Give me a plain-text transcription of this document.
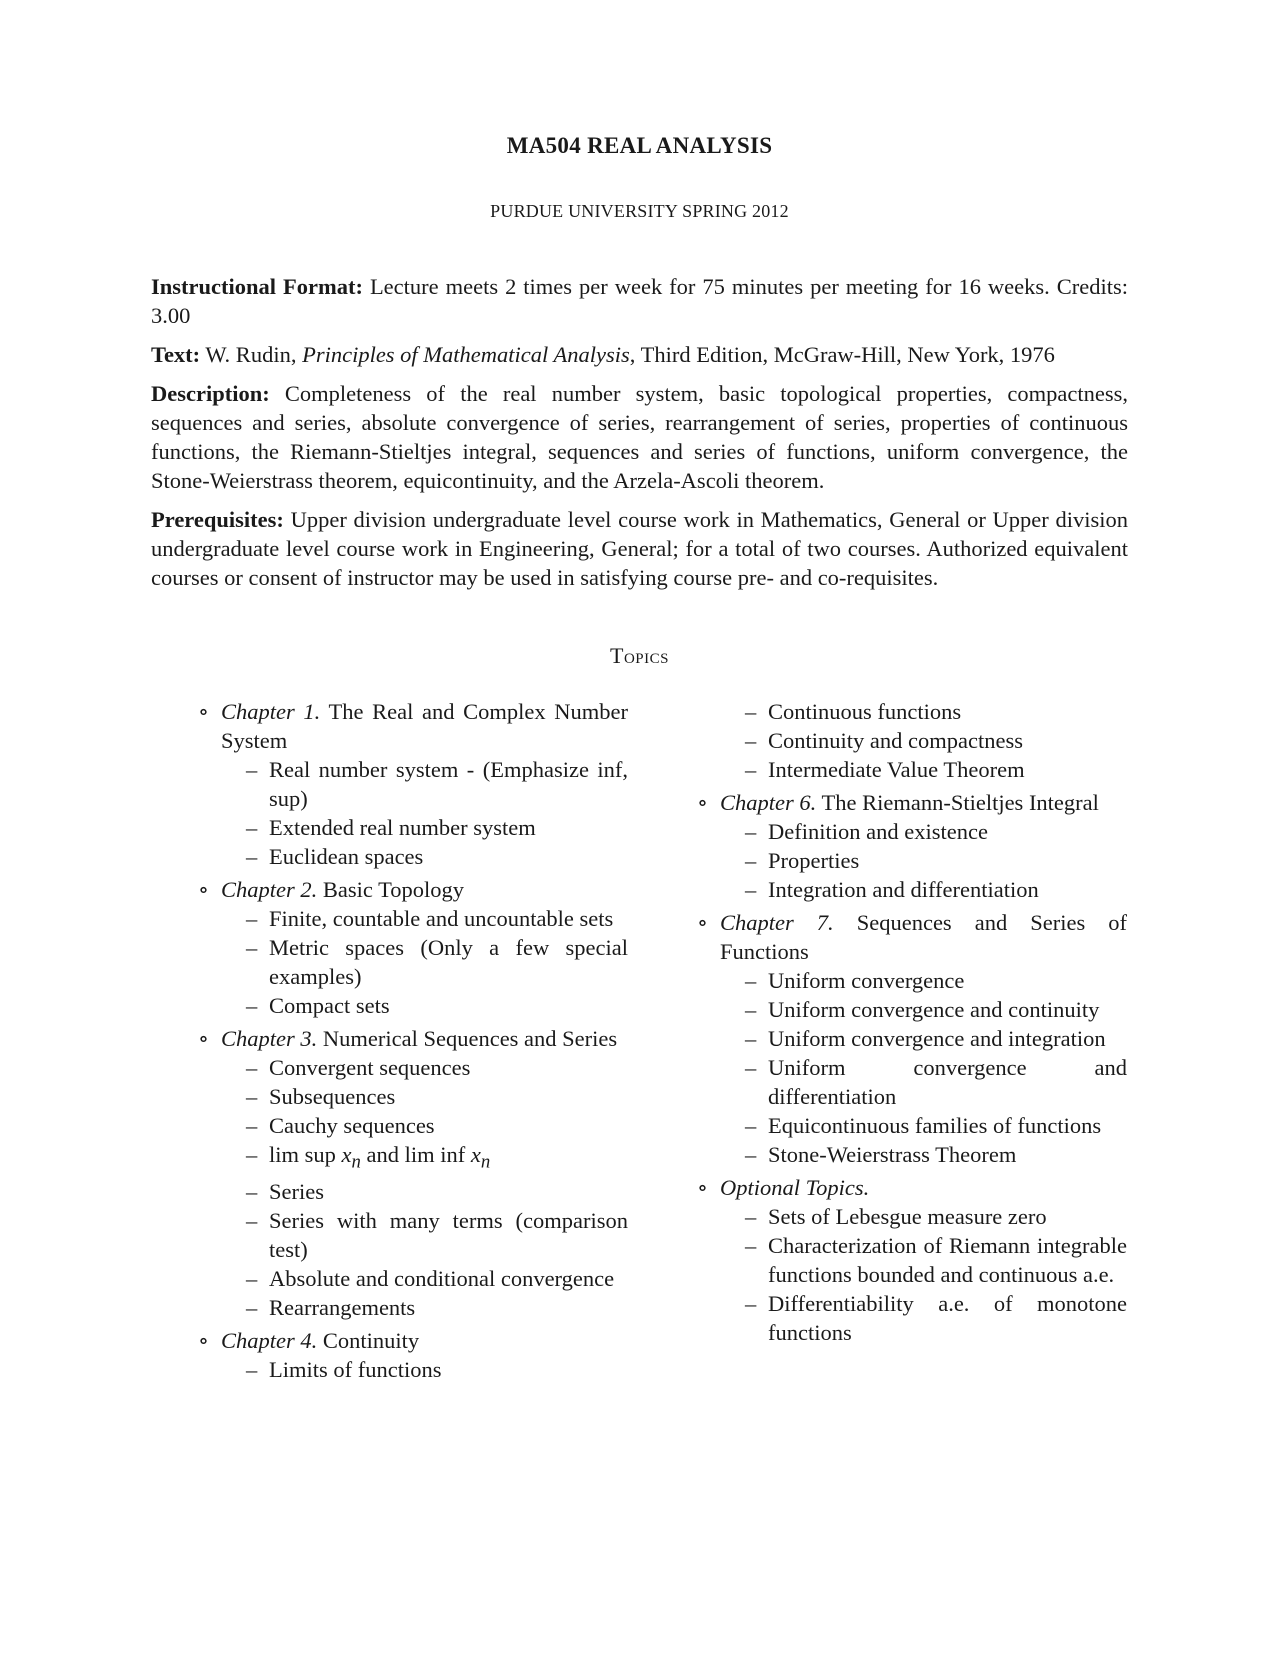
MA504 REAL ANALYSIS
PURDUE UNIVERSITY SPRING 2012

Instructional Format: Lecture meets 2 times per week for 75 minutes per meeting for 16 weeks. Credits: 3.00

Text: W. Rudin, Principles of Mathematical Analysis, Third Edition, McGraw-Hill, New York, 1976

Description: Completeness of the real number system, basic topological properties, compactness, sequences and series, absolute convergence of series, rearrangement of series, properties of continuous functions, the Riemann-Stieltjes integral, sequences and series of functions, uniform convergence, the Stone-Weierstrass theorem, equicontinuity, and the Arzela-Ascoli theorem.

Prerequisites: Upper division undergraduate level course work in Mathematics, General or Upper division undergraduate level course work in Engineering, General; for a total of two courses. Authorized equivalent courses or consent of instructor may be used in satisfying course pre- and co-requisites.

Topics
∘ Chapter 1. The Real and Complex Number System
– Real number system - (Emphasize inf, sup)
– Extended real number system
– Euclidean spaces
∘ Chapter 2. Basic Topology
– Finite, countable and uncountable sets
– Metric spaces (Only a few special examples)
– Compact sets
∘ Chapter 3. Numerical Sequences and Series
– Convergent sequences
– Subsequences
– Cauchy sequences
– lim sup $x_n$ and lim inf $x_n$
– Series
– Series with many terms (comparison test)
– Absolute and conditional convergence
– Rearrangements
∘ Chapter 4. Continuity
– Limits of functions
– Continuous functions
– Continuity and compactness
– Intermediate Value Theorem
∘ Chapter 6. The Riemann-Stieltjes Integral
– Definition and existence
– Properties
– Integration and differentiation
∘ Chapter 7. Sequences and Series of Functions
– Uniform convergence
– Uniform convergence and continuity
– Uniform convergence and integration
– Uniform convergence and differentiation
– Equicontinuous families of functions
– Stone-Weierstrass Theorem
∘ Optional Topics.
– Sets of Lebesgue measure zero
– Characterization of Riemann integrable functions bounded and continuous a.e.
– Differentiability a.e. of monotone functions
